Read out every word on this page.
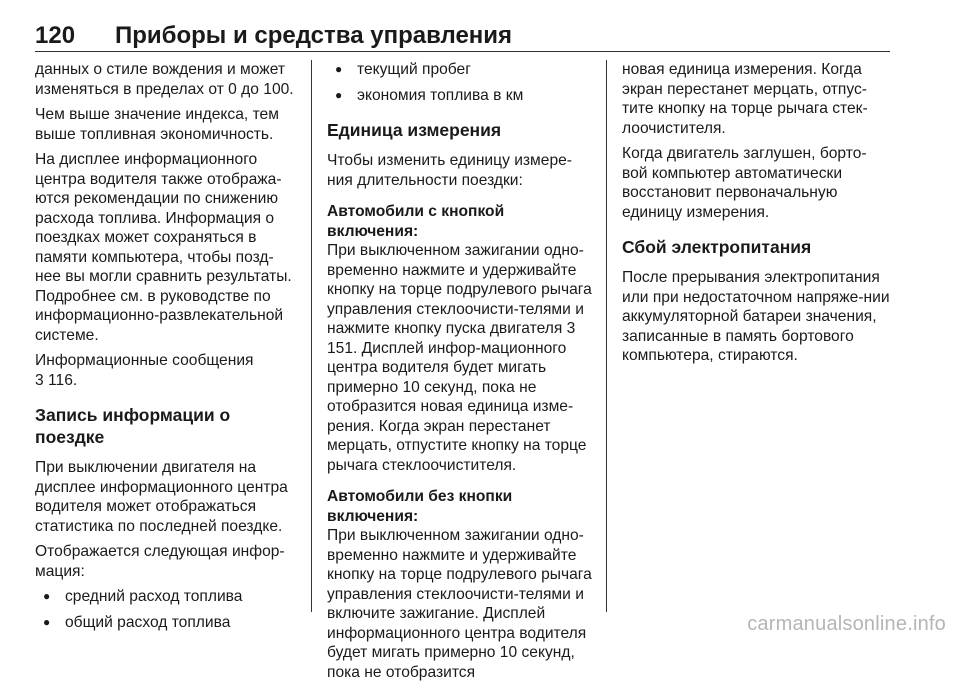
120 Приборы и средства управления

данных о стиле вождения и может изменяться в пределах от 0 до 100.

Чем выше значение индекса, тем выше топливная экономичность.

На дисплее информационного центра водителя также отобража-ются рекомендации по снижению расхода топлива. Информация о поездках может сохраняться в памяти компьютера, чтобы позд-нее вы могли сравнить результаты. Подробнее см. в руководстве по информационно-развлекательной системе.

Информационные сообщения
3 116.

Запись информации о поездке

При выключении двигателя на дисплее информационного центра водителя может отображаться статистика по последней поездке.

Отображается следующая инфор-мация:

● средний расход топлива
● общий расход топлива
● текущий пробег
● экономия топлива в км
Единица измерения

Чтобы изменить единицу измере-ния длительности поездки:

Автомобили с кнопкой включения:

При выключенном зажигании одно-временно нажмите и удерживайте кнопку на торце подрулевого рычага управления стеклоочисти-телями и нажмите кнопку пуска двигателя 3 151. Дисплей инфор-мационного центра водителя будет мигать примерно 10 секунд, пока не отобразится новая единица изме-рения. Когда экран перестанет мерцать, отпустите кнопку на торце рычага стеклоочистителя.

Автомобили без кнопки включения:

При выключенном зажигании одно-временно нажмите и удерживайте кнопку на торце подрулевого рычага управления стеклоочисти-телями и включите зажигание. Дисплей информационного центра водителя будет мигать примерно 10 секунд, пока не отобразится

новая единица измерения. Когда экран перестанет мерцать, отпус-тите кнопку на торце рычага стек-лоочистителя.

Когда двигатель заглушен, борто-вой компьютер автоматически восстановит первоначальную единицу измерения.

Сбой электропитания

После прерывания электропитания или при недостаточном напряже-нии аккумуляторной батареи значения, записанные в память бортового компьютера, стираются.

carmanualsonline.info
